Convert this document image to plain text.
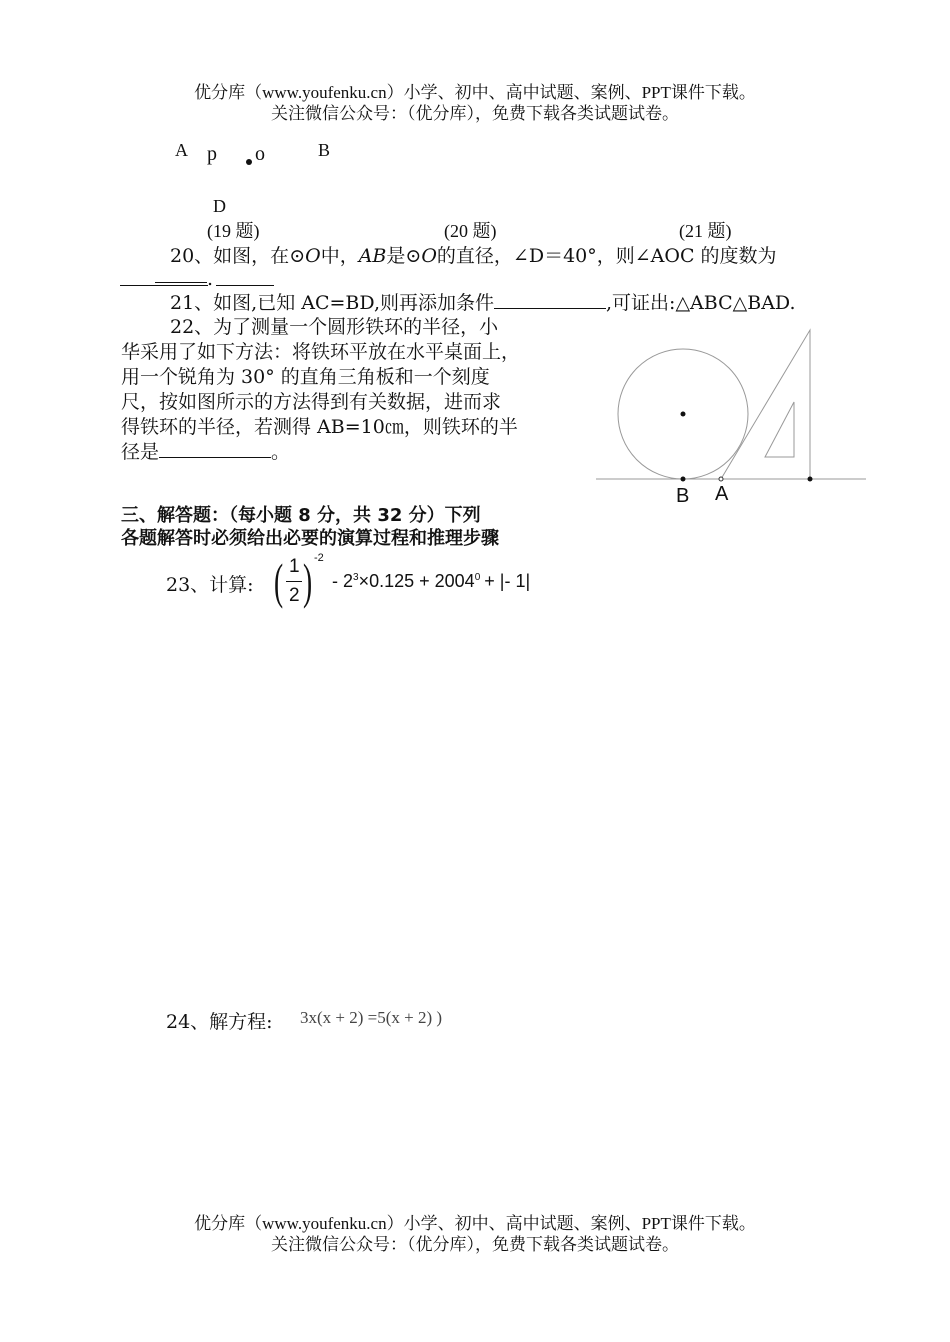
优分库（www.youfenku.cn）小学、初中、高中试题、案例、PPT课件下载。
关注微信公众号：（优分库），免费下载各类试题试卷。
A p o	B
D
(19 题)	(20 题)	(21 题)
20、如图，在⊙O中，AB是⊙O的直径，∠D＝40°，则∠AOC 的度数为
.
21、如图,已知 AC=BD,则再添加条件	,可证出:△ABC△BAD.
22、为了测量一个圆形铁环的半径，小
华采用了如下方法：将铁环平放在水平桌面上，
用一个锐角为 30° 的直角三角板和一个刻度
尺，按如图所示的方法得到有关数据，进而求
得铁环的半径，若测得 AB=10㎝，则铁环的半
径是	。
B A
三、解答题：（每小题 8 分，共 32 分）下列
各题解答时必须给出必要的演算过程和推理步骤
23、计算: ( 1
2 ) -2
- $2^3\times 0.125 + 2004^0$ + |- 1|
24、解方程: 3x(x + 2) =5(x + 2) )
优分库（www.youfenku.cn）小学、初中、高中试题、案例、PPT课件下载。
关注微信公众号：（优分库），免费下载各类试题试卷。
